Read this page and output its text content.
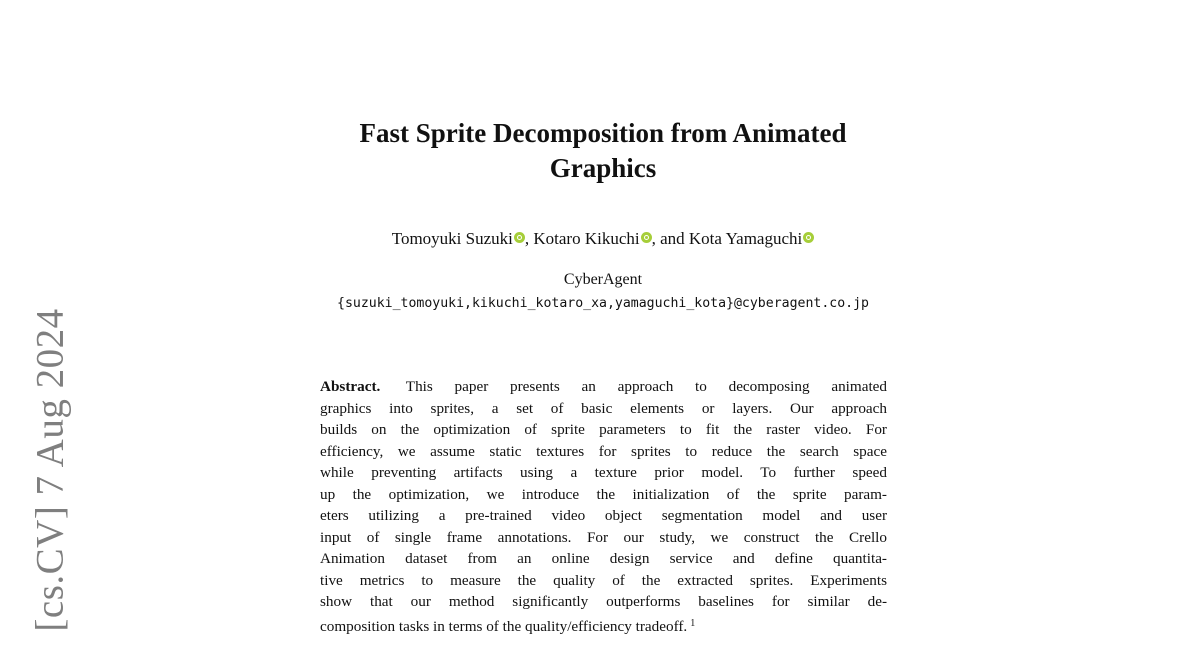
[cs.CV] 7 Aug 2024
Fast Sprite Decomposition from Animated
Graphics
Tomoyuki Suzuki , Kotaro Kikuchi , and Kota Yamaguchi
CyberAgent
{suzuki_tomoyuki,kikuchi_kotaro_xa,yamaguchi_kota}@cyberagent.co.jp
Abstract. This paper presents an approach to decomposing animated
graphics into sprites, a set of basic elements or layers. Our approach
builds on the optimization of sprite parameters to fit the raster video. For
efficiency, we assume static textures for sprites to reduce the search space
while preventing artifacts using a texture prior model. To further speed
up the optimization, we introduce the initialization of the sprite param-
eters utilizing a pre-trained video object segmentation model and user
input of single frame annotations. For our study, we construct the Crello
Animation dataset from an online design service and define quantita-
tive metrics to measure the quality of the extracted sprites. Experiments
show that our method significantly outperforms baselines for similar de-
composition tasks in terms of the quality/efficiency tradeoff. $^1$
